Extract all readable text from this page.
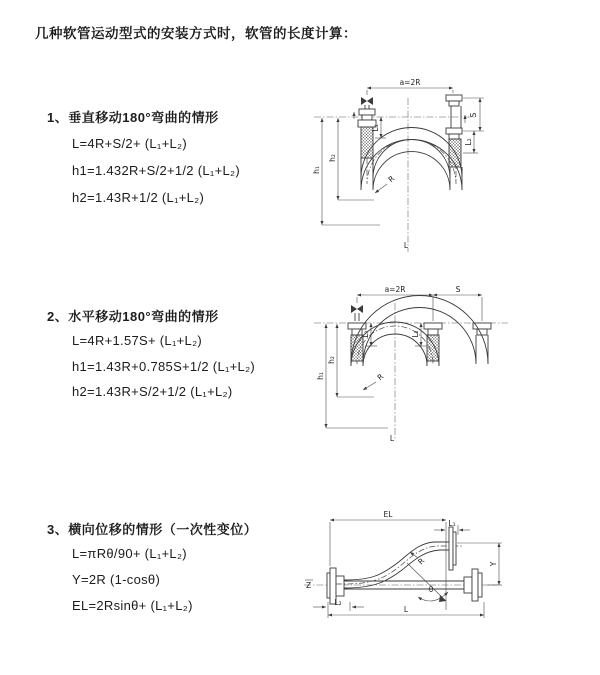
几种软管运动型式的安装方式时，软管的长度计算：
1、垂直移动180°弯曲的情形
L=4R+S/2+ (L₁+L₂)
h1=1.432R+S/2+1/2 (L₁+L₂)
h2=1.43R+1/2 (L₁+L₂)
a=2R
S
L₂
L₁
h₁
h₂
R
L
2、水平移动180°弯曲的情形
L=4R+1.57S+ (L₁+L₂)
h1=1.43R+0.785S+1/2 (L₁+L₂)
h2=1.43R+S/2+1/2 (L₁+L₂)
a=2R	S
L₁	L₂
h₁
h₂
R
L
3、横向位移的情形（一次性变位）
L=πRθ/90+ (L₁+L₂)
Y=2R (1-cosθ)
EL=2Rsinθ+ (L₁+L₂)
Z
EL
L₁
Y
R
θ
L
L₂
